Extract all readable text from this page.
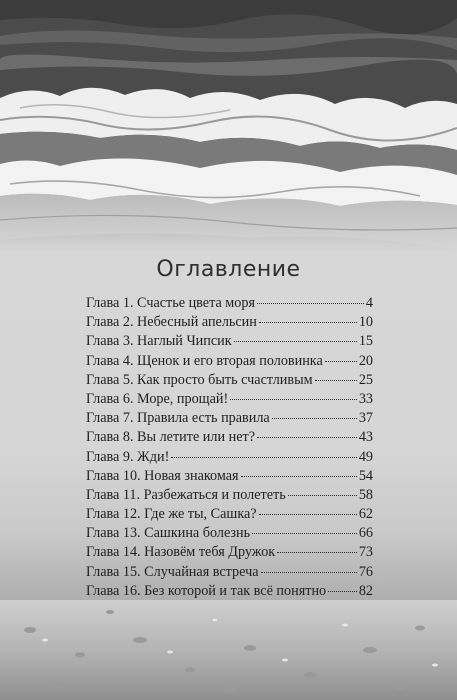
Оглавление
Глава 1. Счастье цвета моря	4
Глава 2. Небесный апельсин	10
Глава 3. Наглый Чипсик	15
Глава 4. Щенок и его вторая половинка	20
Глава 5. Как просто быть счастливым	25
Глава 6. Море, прощай!	33
Глава 7. Правила есть правила	37
Глава 8. Вы летите или нет?	43
Глава 9. Жди!	49
Глава 10. Новая знакомая	54
Глава 11. Разбежаться и полететь	58
Глава 12. Где же ты, Сашка?	62
Глава 13. Сашкина болезнь	66
Глава 14. Назовём тебя Дружок	73
Глава 15. Случайная встреча	76
Глава 16. Без которой и так всё понятно 82
